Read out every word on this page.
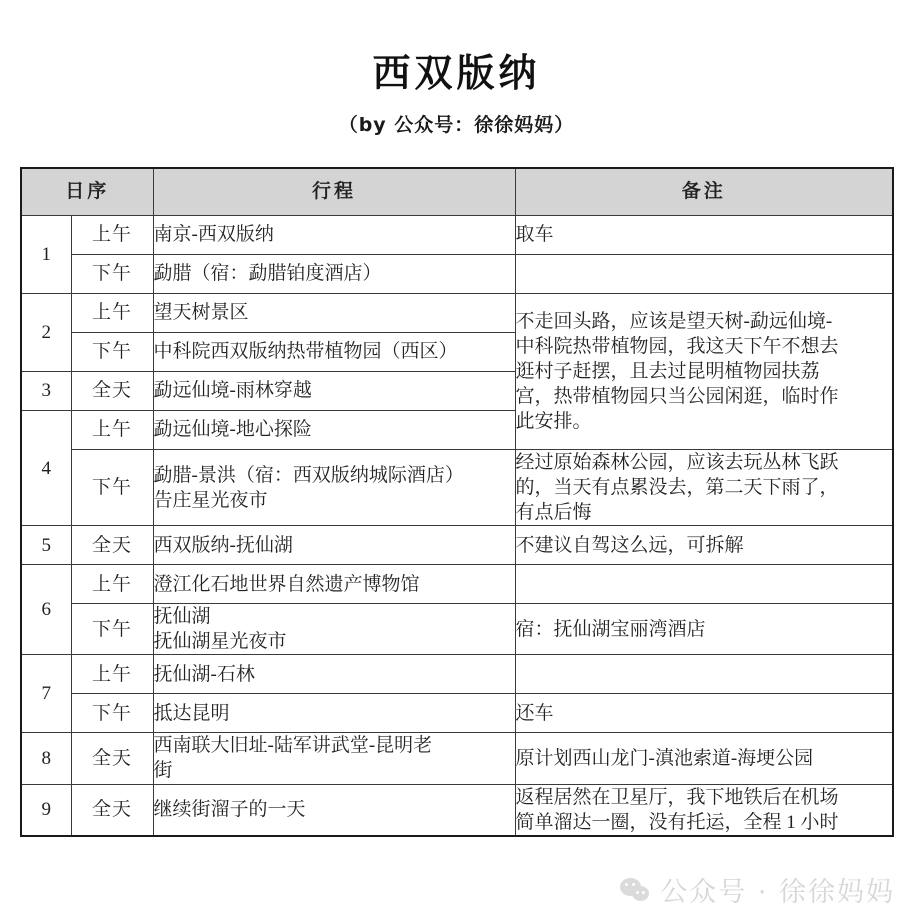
西双版纳
（by 公众号：徐徐妈妈）
日序		行程	备注
1	上午	南京-西双版纳	取车
	下午	勐腊（宿：勐腊铂度酒店）	
2	上午	望天树景区	不走回头路，应该是望天树-勐远仙境-
中科院热带植物园，我这天下午不想去
逛村子赶摆，且去过昆明植物园扶荔
宫，热带植物园只当公园闲逛，临时作
此安排。

	下午	中科院西双版纳热带植物园（西区）	
3	全天	勐远仙境-雨林穿越	
4	上午	勐远仙境-地心探险	
	下午	勐腊-景洪（宿：西双版纳城际酒店）
告庄星光夜市	经过原始森林公园，应该去玩丛林飞跃
的，当天有点累没去，第二天下雨了，
有点后悔

5	全天	西双版纳-抚仙湖	不建议自驾这么远，可拆解
6	上午	澄江化石地世界自然遗产博物馆	
	下午	抚仙湖
抚仙湖星光夜市	宿：抚仙湖宝丽湾酒店
7	上午	抚仙湖-石林	
	下午	抵达昆明	还车
8	全天	西南联大旧址-陆军讲武堂-昆明老
街	原计划西山龙门-滇池索道-海埂公园
9	全天	继续街溜子的一天	返程居然在卫星厅，我下地铁后在机场
简单溜达一圈，没有托运，全程 1 小时
公众号 · 徐徐妈妈
